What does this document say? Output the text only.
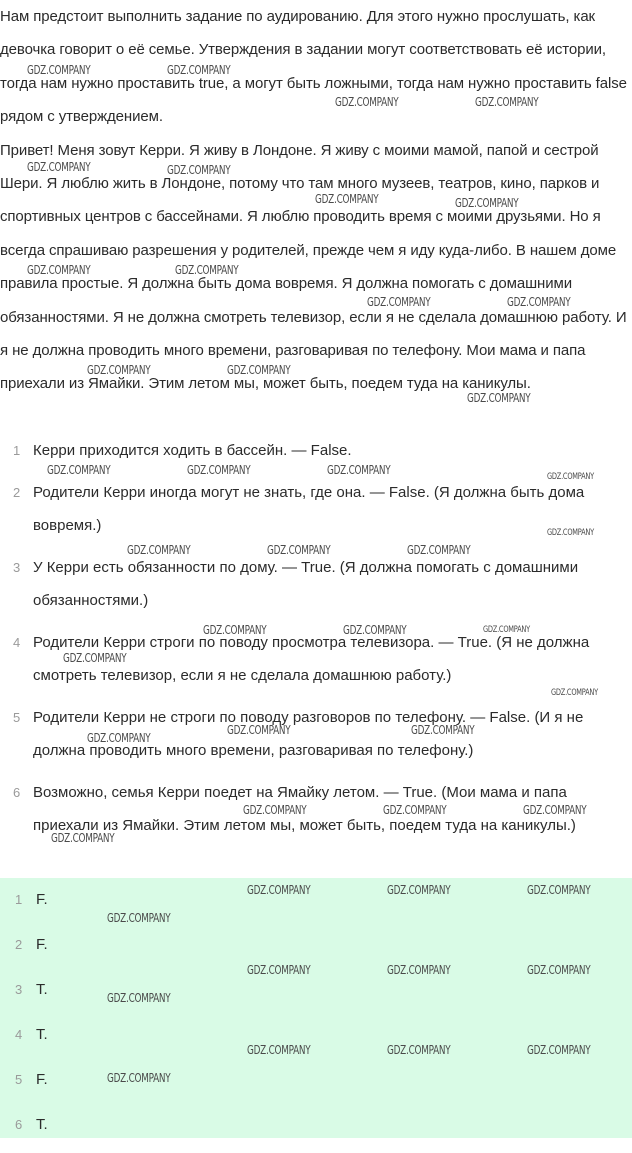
Нам предстоит выполнить задание по аудированию. Для этого нужно прослушать, как девочка говорит о её семье. Утверждения в задании могут соответствовать её истории, тогда нам нужно проставить true, а могут быть ложными, тогда нам нужно проставить false рядом с утверждением.

Привет! Меня зовут Керри. Я живу в Лондоне. Я живу с моими мамой, папой и сестрой Шери. Я люблю жить в Лондоне, потому что там много музеев, театров, кино, парков и спортивных центров с бассейнами. Я люблю проводить время с моими друзьями. Но я всегда спрашиваю разрешения у родителей, прежде чем я иду куда-либо. В нашем доме правила простые. Я должна быть дома вовремя. Я должна помогать с домашними обязанностями. Я не должна смотреть телевизор, если я не сделала домашнюю работу. И я не должна проводить много времени, разговаривая по телефону. Мои мама и папа приехали из Ямайки. Этим летом мы, может быть, поедем туда на каникулы.

1 Керри приходится ходить в бассейн. — False.
2 Родители Керри иногда могут не знать, где она. — False. (Я должна быть дома вовремя.)
3 У Керри есть обязанности по дому. — True. (Я должна помогать с домашними обязанностями.)
4 Родители Керри строги по поводу просмотра телевизора. — True. (Я не должна смотреть телевизор, если я не сделала домашнюю работу.)
5 Родители Керри не строги по поводу разговоров по телефону. — False. (И я не должна проводить много времени, разговаривая по телефону.)
6 Возможно, семья Керри поедет на Ямайку летом. — True. (Мои мама и папа приехали из Ямайки. Этим летом мы, может быть, поедем туда на каникулы.)
1 F.
2 F.
3 T.
4 T.
5 F.
6 T.
GDZ.COMPANY	GDZ.COMPANY
GDZ.COMPANY	GDZ.COMPANY
GDZ.COMPANY	GDZ.COMPANY
GDZ.COMPANY	GDZ.COMPANY
GDZ.COMPANY	GDZ.COMPANY
GDZ.COMPANY	GDZ.COMPANY
GDZ.COMPANY	GDZ.COMPANY
GDZ.COMPANY
GDZ.COMPANY	GDZ.COMPANY	GDZ.COMPANY	GDZ.COMPANY
GDZ.COMPANY
GDZ.COMPANY	GDZ.COMPANY	GDZ.COMPANY
GDZ.COMPANY	GDZ.COMPANY	GDZ.COMPANY
GDZ.COMPANY
GDZ.COMPANY
GDZ.COMPANY	GDZ.COMPANY
GDZ.COMPANY
GDZ.COMPANY	GDZ.COMPANY	GDZ.COMPANY
GDZ.COMPANY
GDZ.COMPANY	GDZ.COMPANY	GDZ.COMPANY
GDZ.COMPANY
GDZ.COMPANY	GDZ.COMPANY	GDZ.COMPANY
GDZ.COMPANY
GDZ.COMPANY	GDZ.COMPANY	GDZ.COMPANY
GDZ.COMPANY
